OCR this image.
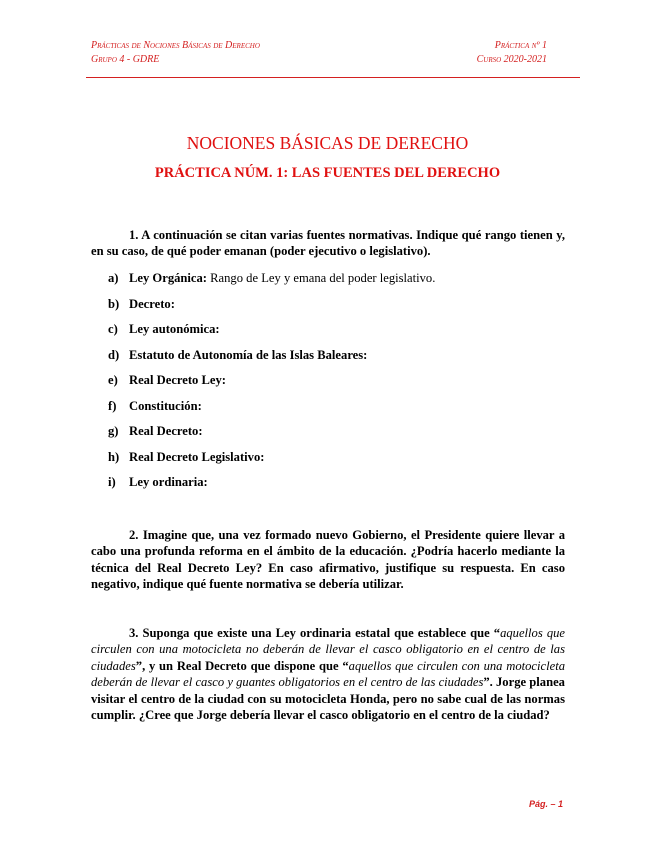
Prácticas de Nociones Básicas de Derecho
Grupo 4 - GDRE
Práctica nº 1
Curso 2020-2021
NOCIONES BÁSICAS DE DERECHO
PRÁCTICA NÚM. 1: LAS FUENTES DEL DERECHO
1. A continuación se citan varias fuentes normativas. Indique qué rango tienen y, en su caso, de qué poder emanan (poder ejecutivo o legislativo).
a) Ley Orgánica: Rango de Ley y emana del poder legislativo.
b) Decreto:
c) Ley autonómica:
d) Estatuto de Autonomía de las Islas Baleares:
e) Real Decreto Ley:
f) Constitución:
g) Real Decreto:
h) Real Decreto Legislativo:
i) Ley ordinaria:
2. Imagine que, una vez formado nuevo Gobierno, el Presidente quiere llevar a cabo una profunda reforma en el ámbito de la educación. ¿Podría hacerlo mediante la técnica del Real Decreto Ley? En caso afirmativo, justifique su respuesta. En caso negativo, indique qué fuente normativa se debería utilizar.
3. Suponga que existe una Ley ordinaria estatal que establece que “aquellos que circulen con una motocicleta no deberán de llevar el casco obligatorio en el centro de las ciudades”, y un Real Decreto que dispone que “aquellos que circulen con una motocicleta deberán de llevar el casco y guantes obligatorios en el centro de las ciudades”. Jorge planea visitar el centro de la ciudad con su motocicleta Honda, pero no sabe cual de las normas cumplir. ¿Cree que Jorge debería llevar el casco obligatorio en el centro de la ciudad?
Pág. – 1
